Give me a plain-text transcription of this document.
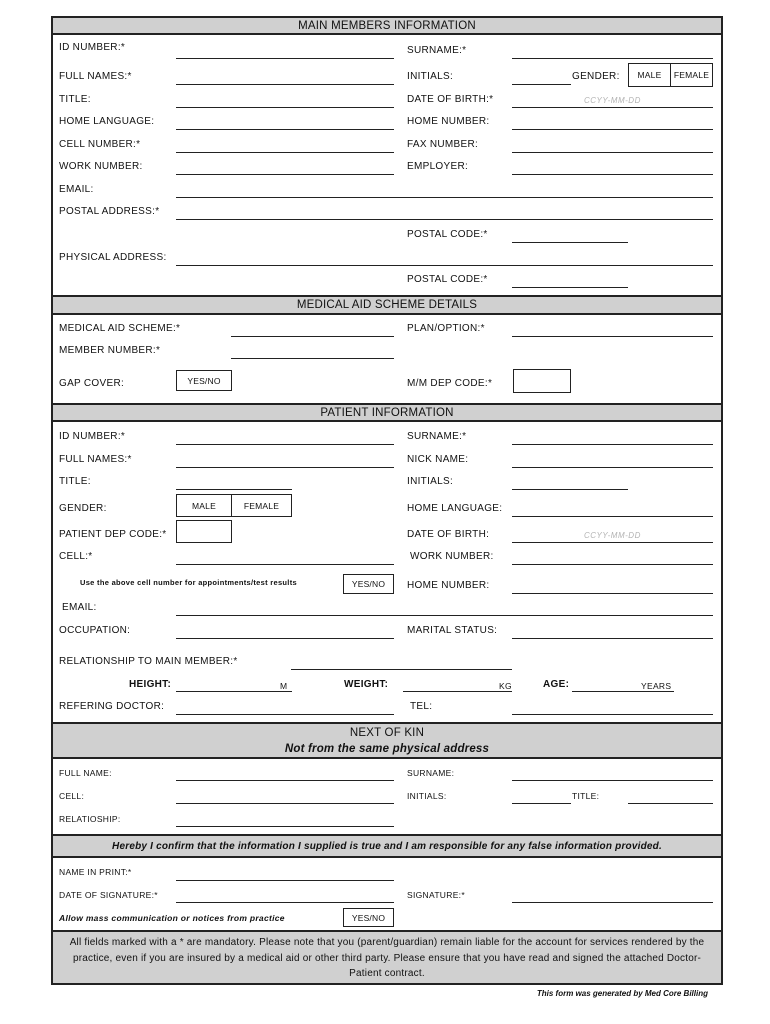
MAIN MEMBERS INFORMATION
ID NUMBER:*	SURNAME:*
FULL NAMES:*	INITIALS:	GENDER:	MALE	FEMALE
TITLE:	DATE OF BIRTH:*	CCYY-MM-DD
HOME LANGUAGE:	HOME NUMBER:
CELL NUMBER:*	FAX NUMBER:
WORK NUMBER:	EMPLOYER:
EMAIL:
POSTAL ADDRESS:*
POSTAL CODE:*
PHYSICAL ADDRESS:
POSTAL CODE:*
MEDICAL AID SCHEME DETAILS
MEDICAL AID SCHEME:*	PLAN/OPTION:*
MEMBER NUMBER:*
GAP COVER:	YES/NO	M/M DEP CODE:*
PATIENT INFORMATION
ID NUMBER:*	SURNAME:*
FULL NAMES:*	NICK NAME:
TITLE:	INITIALS:
GENDER:	MALE	FEMALE	HOME LANGUAGE:
PATIENT DEP CODE:*	DATE OF BIRTH:	CCYY-MM-DD
CELL:*	WORK NUMBER:
Use the above cell number for appointments/test results	YES/NO	HOME NUMBER:
EMAIL:
OCCUPATION:	MARITAL STATUS:
RELATIONSHIP TO MAIN MEMBER:*
HEIGHT:	M	WEIGHT:	KG	AGE:	YEARS
REFERING DOCTOR:	TEL:
NEXT OF KIN
Not from the same physical address
FULL NAME:	SURNAME:
CELL:	INITIALS:	TITLE:
RELATIOSHIP:
Hereby I confirm that the information I supplied is true and I am responsible for any false information provided.
NAME IN PRINT:*
DATE OF SIGNATURE:*	SIGNATURE:*
Allow mass communication or notices from practice	YES/NO
All fields marked with a * are mandatory. Please note that you (parent/guardian) remain liable for the account for services rendered by the practice, even if you are insured by a medical aid or other third party. Please ensure that you have read and signed the attached Doctor-Patient contract.
This form was generated by Med Core Billing
